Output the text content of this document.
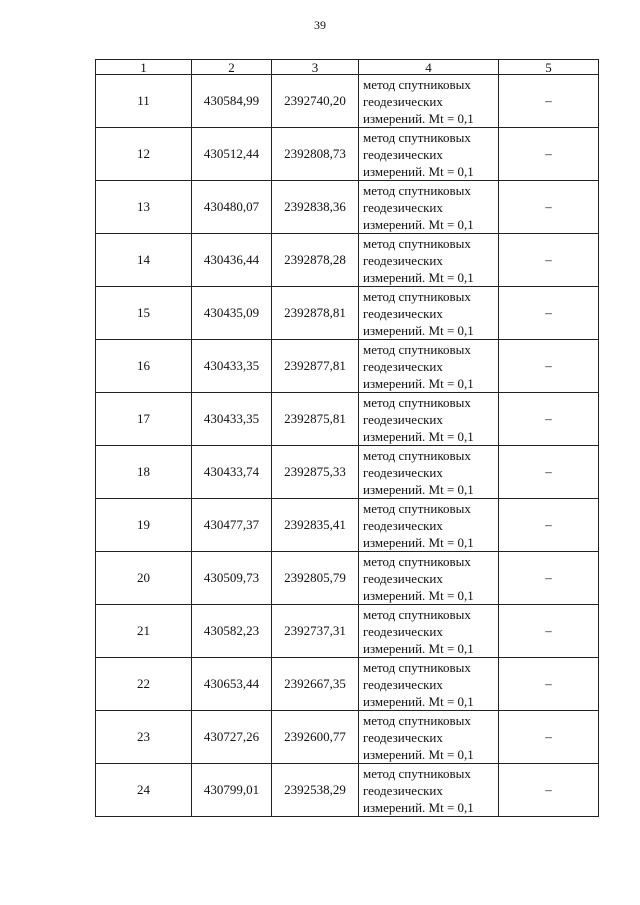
39
1	2	3	4	5
11	430584,99	2392740,20	метод спутниковых
геодезических
измерений. Mt = 0,1	–
12	430512,44	2392808,73	метод спутниковых
геодезических
измерений. Mt = 0,1	–
13	430480,07	2392838,36	метод спутниковых
геодезических
измерений. Mt = 0,1	–
14	430436,44	2392878,28	метод спутниковых
геодезических
измерений. Mt = 0,1	–
15	430435,09	2392878,81	метод спутниковых
геодезических
измерений. Mt = 0,1	–
16	430433,35	2392877,81	метод спутниковых
геодезических
измерений. Mt = 0,1	–
17	430433,35	2392875,81	метод спутниковых
геодезических
измерений. Mt = 0,1	–
18	430433,74	2392875,33	метод спутниковых
геодезических
измерений. Mt = 0,1	–
19	430477,37	2392835,41	метод спутниковых
геодезических
измерений. Mt = 0,1	–
20	430509,73	2392805,79	метод спутниковых
геодезических
измерений. Mt = 0,1	–
21	430582,23	2392737,31	метод спутниковых
геодезических
измерений. Mt = 0,1	–
22	430653,44	2392667,35	метод спутниковых
геодезических
измерений. Mt = 0,1	–
23	430727,26	2392600,77	метод спутниковых
геодезических
измерений. Mt = 0,1	–
24	430799,01	2392538,29	метод спутниковых
геодезических
измерений. Mt = 0,1	–
